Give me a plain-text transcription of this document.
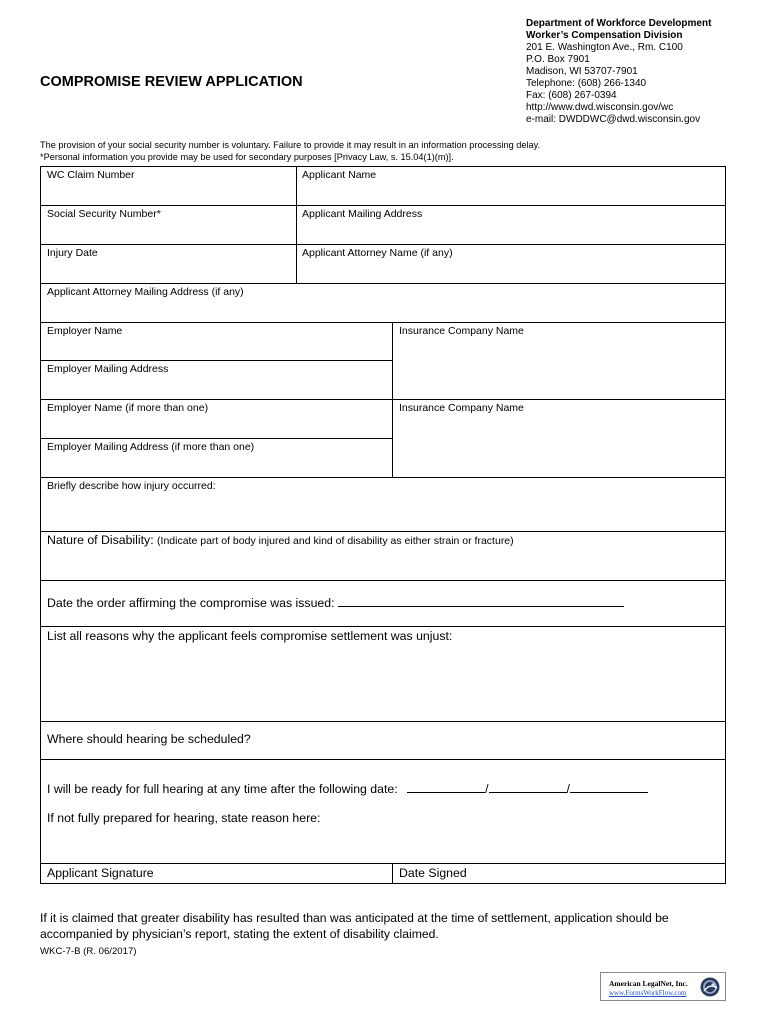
Department of Workforce Development
Worker’s Compensation Division
201 E. Washington Ave., Rm. C100
P.O. Box 7901
Madison, WI 53707-7901
Telephone: (608) 266-1340
Fax: (608) 267-0394
http://www.dwd.wisconsin.gov/wc
e-mail: DWDDWC@dwd.wisconsin.gov
COMPROMISE REVIEW APPLICATION
The provision of your social security number is voluntary. Failure to provide it may result in an information processing delay.
*Personal information you provide may be used for secondary purposes [Privacy Law, s. 15.04(1)(m)].
WC Claim Number	Applicant Name
Social Security Number*	Applicant Mailing Address
Injury Date	Applicant Attorney Name (if any)
Applicant Attorney Mailing Address (if any)
Employer Name	Insurance Company Name
Employer Mailing Address
Employer Name (if more than one)	Insurance Company Name
Employer Mailing Address (if more than one)
Briefly describe how injury occurred:
Nature of Disability: (Indicate part of body injured and kind of disability as either strain or fracture)
Date the order affirming the compromise was issued:
List all reasons why the applicant feels compromise settlement was unjust:
Where should hearing be scheduled?
I will be ready for full hearing at any time after the following date:	/	/
If not fully prepared for hearing, state reason here:
Applicant Signature	Date Signed
If it is claimed that greater disability has resulted than was anticipated at the time of settlement, application should be accompanied by physician’s report, stating the extent of disability claimed.
WKC-7-B (R. 06/2017)
American LegalNet, Inc.
www.FormsWorkFlow.com
